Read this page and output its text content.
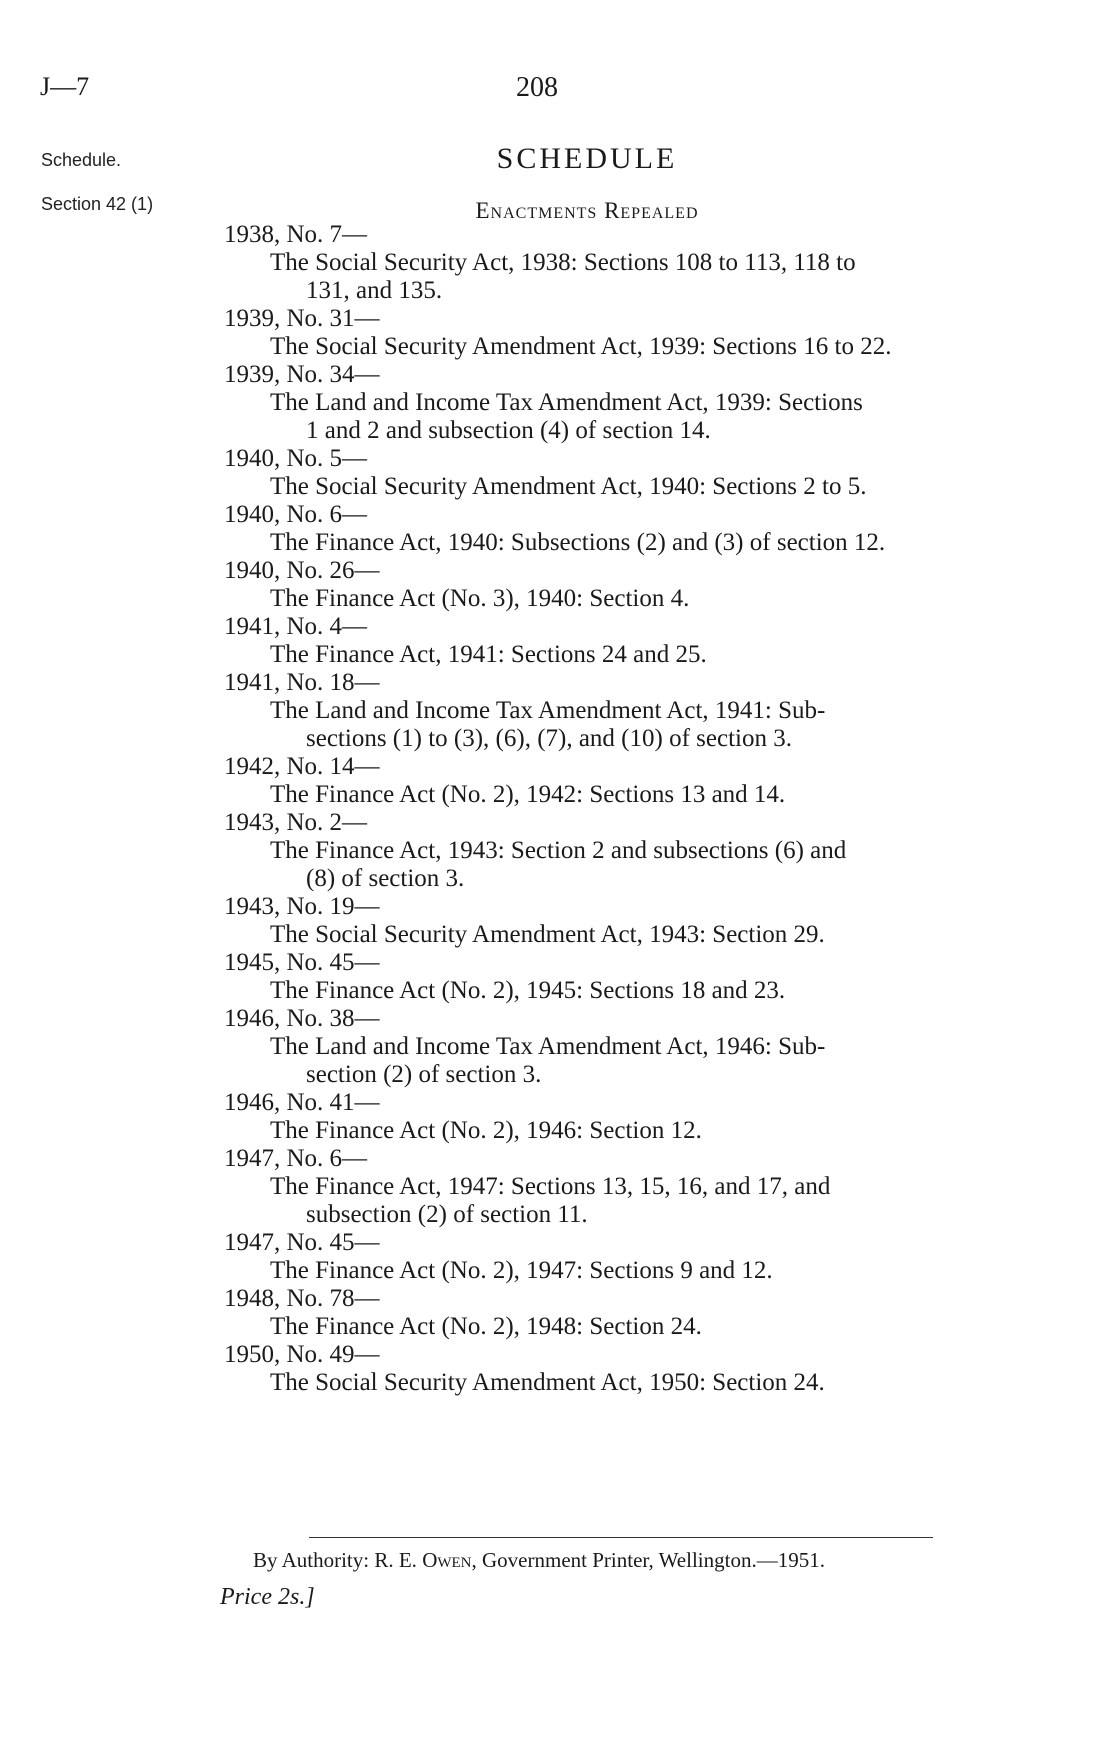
J—7	208
Schedule.
Section 42 (1)
SCHEDULE
Enactments Repealed
1938, No. 7—
The Social Security Act, 1938: Sections 108 to 113, 118 to
131, and 135.
1939, No. 31—
The Social Security Amendment Act, 1939: Sections 16 to 22.
1939, No. 34—
The Land and Income Tax Amendment Act, 1939: Sections
1 and 2 and subsection (4) of section 14.
1940, No. 5—
The Social Security Amendment Act, 1940: Sections 2 to 5.
1940, No. 6—
The Finance Act, 1940: Subsections (2) and (3) of section 12.
1940, No. 26—
The Finance Act (No. 3), 1940: Section 4.
1941, No. 4—
The Finance Act, 1941: Sections 24 and 25.
1941, No. 18—
The Land and Income Tax Amendment Act, 1941: Sub-
sections (1) to (3), (6), (7), and (10) of section 3.
1942, No. 14—
The Finance Act (No. 2), 1942: Sections 13 and 14.
1943, No. 2—
The Finance Act, 1943: Section 2 and subsections (6) and
(8) of section 3.
1943, No. 19—
The Social Security Amendment Act, 1943: Section 29.
1945, No. 45—
The Finance Act (No. 2), 1945: Sections 18 and 23.
1946, No. 38—
The Land and Income Tax Amendment Act, 1946: Sub-
section (2) of section 3.
1946, No. 41—
The Finance Act (No. 2), 1946: Section 12.
1947, No. 6—
The Finance Act, 1947: Sections 13, 15, 16, and 17, and
subsection (2) of section 11.
1947, No. 45—
The Finance Act (No. 2), 1947: Sections 9 and 12.
1948, No. 78—
The Finance Act (No. 2), 1948: Section 24.
1950, No. 49—
The Social Security Amendment Act, 1950: Section 24.
By Authority: R. E. Owen, Government Printer, Wellington.—1951.
Price 2s.]
